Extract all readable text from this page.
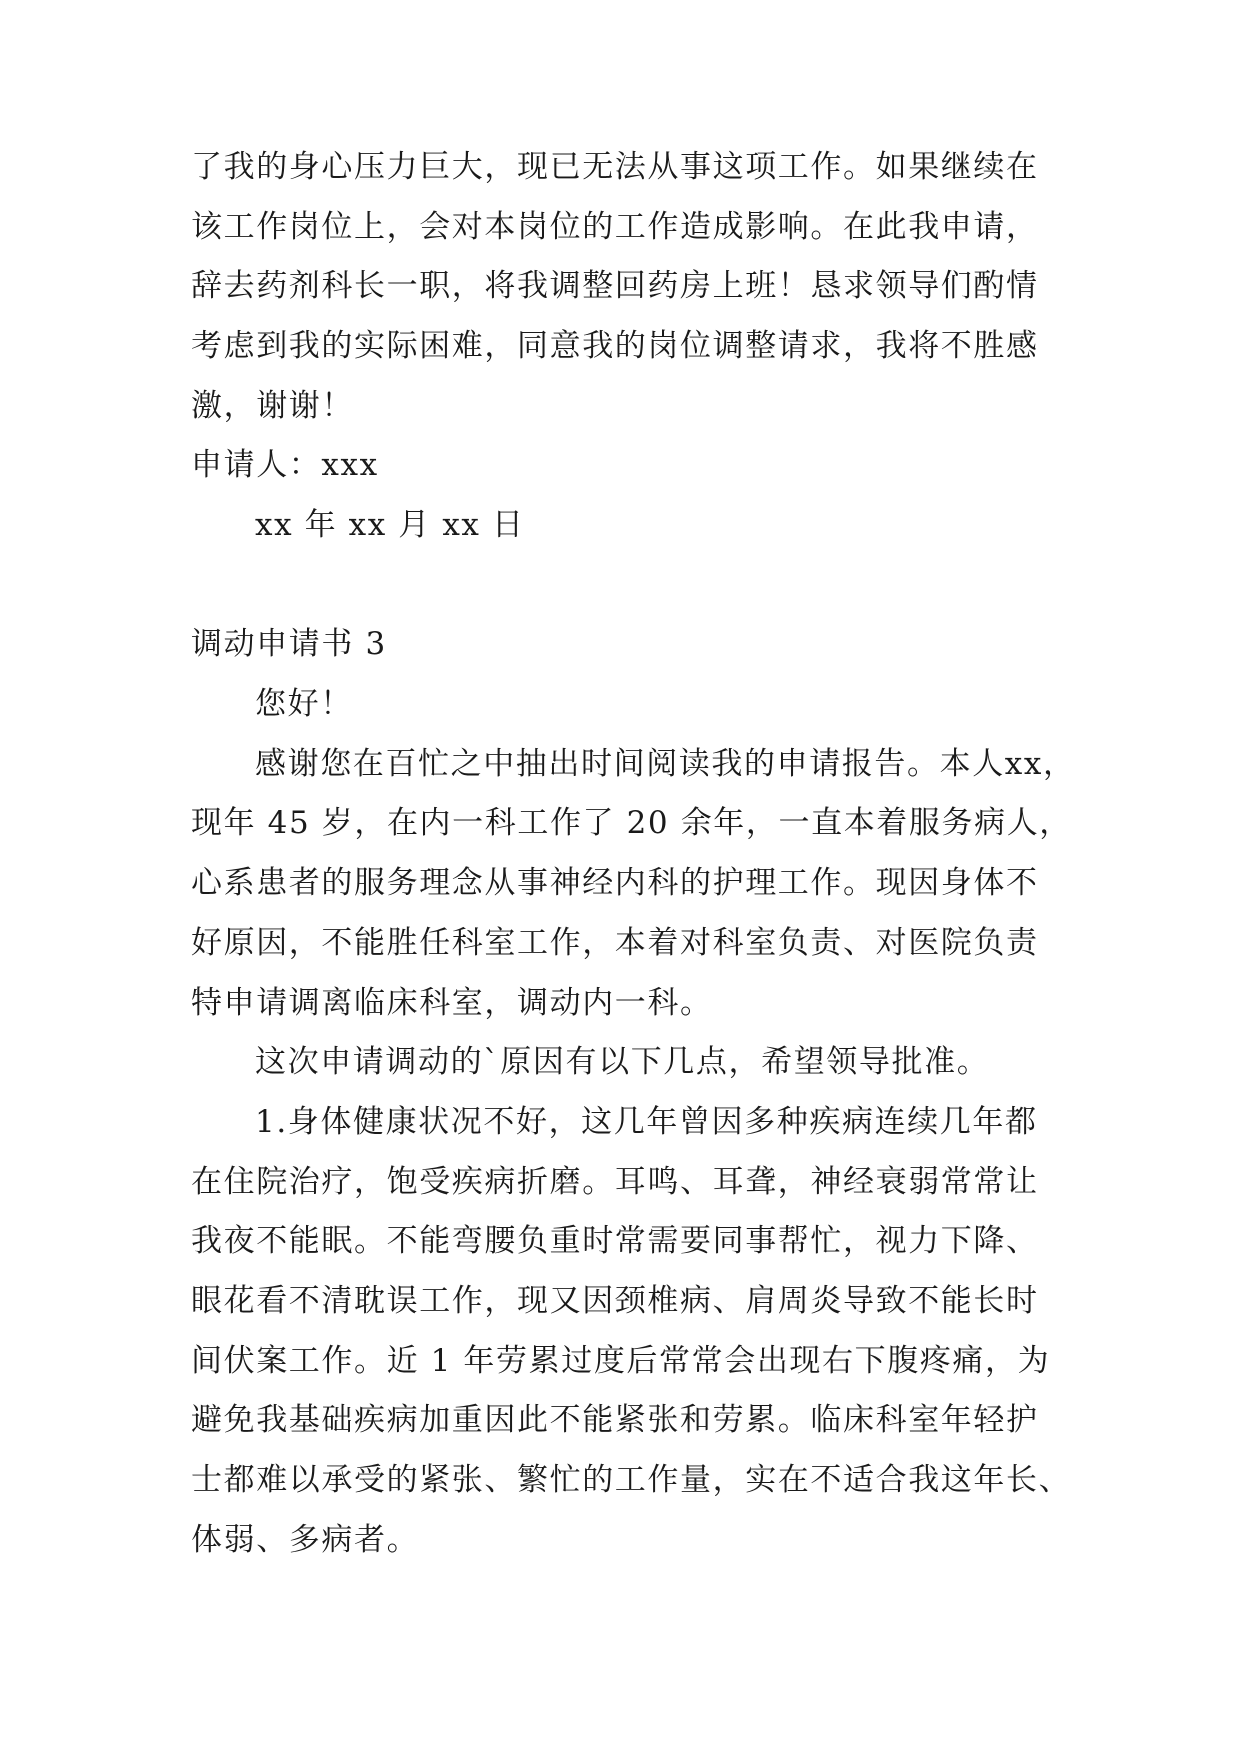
了我的身心压力巨大，现已无法从事这项工作。如果继续在
该工作岗位上，会对本岗位的工作造成影响。在此我申请，
辞去药剂科长一职，将我调整回药房上班！恳求领导们酌情
考虑到我的实际困难，同意我的岗位调整请求，我将不胜感
激，谢谢！
申请人：xxx
xx 年 xx 月 xx 日
调动申请书 3
您好！
感谢您在百忙之中抽出时间阅读我的申请报告。本人xx，
现年 45 岁，在内一科工作了 20 余年，一直本着服务病人，
心系患者的服务理念从事神经内科的护理工作。现因身体不
好原因，不能胜任科室工作，本着对科室负责、对医院负责
特申请调离临床科室，调动内一科。
这次申请调动的`原因有以下几点，希望领导批准。
1.身体健康状况不好，这几年曾因多种疾病连续几年都
在住院治疗，饱受疾病折磨。耳鸣、耳聋，神经衰弱常常让
我夜不能眠。不能弯腰负重时常需要同事帮忙，视力下降、
眼花看不清耽误工作，现又因颈椎病、肩周炎导致不能长时
间伏案工作。近 1 年劳累过度后常常会出现右下腹疼痛，为
避免我基础疾病加重因此不能紧张和劳累。临床科室年轻护
士都难以承受的紧张、繁忙的工作量，实在不适合我这年长、
体弱、多病者。
